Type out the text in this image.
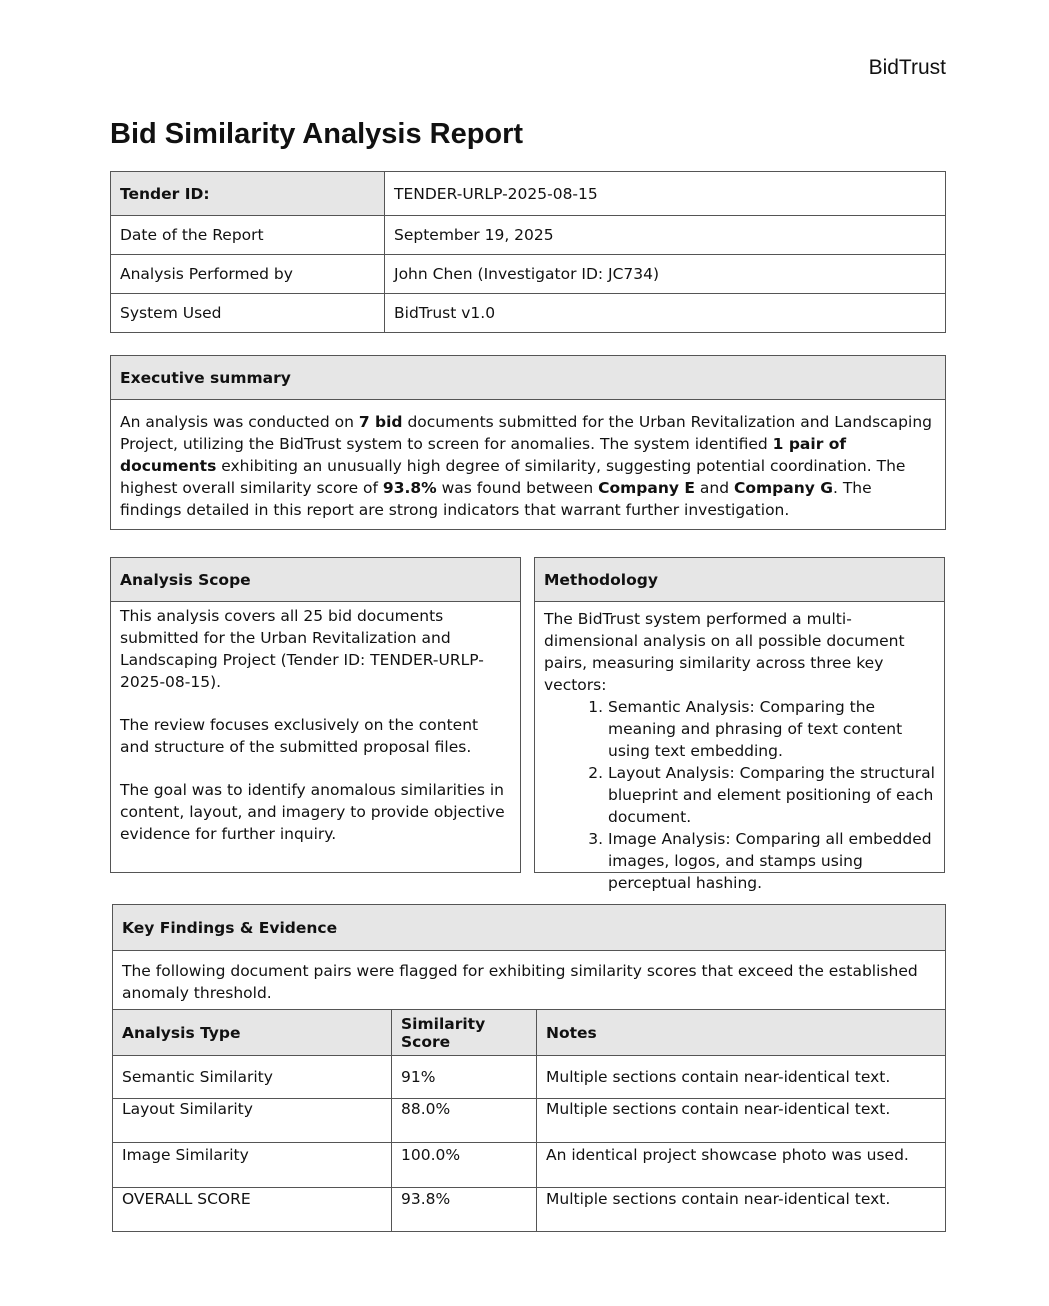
BidTrust
Bid Similarity Analysis Report
Tender ID:	TENDER-URLP-2025-08-15
Date of the Report	September 19, 2025
Analysis Performed by	John Chen (Investigator ID: JC734)
System Used	BidTrust v1.0
Executive summary
An analysis was conducted on 7 bid documents submitted for the Urban Revitalization and Landscaping Project, utilizing the BidTrust system to screen for anomalies. The system identified 1 pair of documents exhibiting an unusually high degree of similarity, suggesting potential coordination. The highest overall similarity score of 93.8% was found between Company E and Company G. The findings detailed in this report are strong indicators that warrant further investigation.
Analysis Scope

This analysis covers all 25 bid documents submitted for the Urban Revitalization and Landscaping Project (Tender ID: TENDER-URLP-2025-08-15).

The review focuses exclusively on the content and structure of the submitted proposal files.

The goal was to identify anomalous similarities in content, layout, and imagery to provide objective evidence for further inquiry.

Methodology
The BidTrust system performed a multi-dimensional analysis on all possible document pairs, measuring similarity across three key vectors:
1. Semantic Analysis: Comparing the meaning and phrasing of text content using text embedding.
2. Layout Analysis: Comparing the structural blueprint and element positioning of each document.
3. Image Analysis: Comparing all embedded images, logos, and stamps using perceptual hashing.
Key Findings & Evidence		
The following document pairs were flagged for exhibiting similarity scores that exceed the established anomaly threshold.		
Analysis Type	Similarity Score	Notes
Semantic Similarity	91%	Multiple sections contain near-identical text.
Layout Similarity	88.0%	Multiple sections contain near-identical text.
Image Similarity	100.0%	An identical project showcase photo was used.
OVERALL SCORE	93.8%	Multiple sections contain near-identical text.
